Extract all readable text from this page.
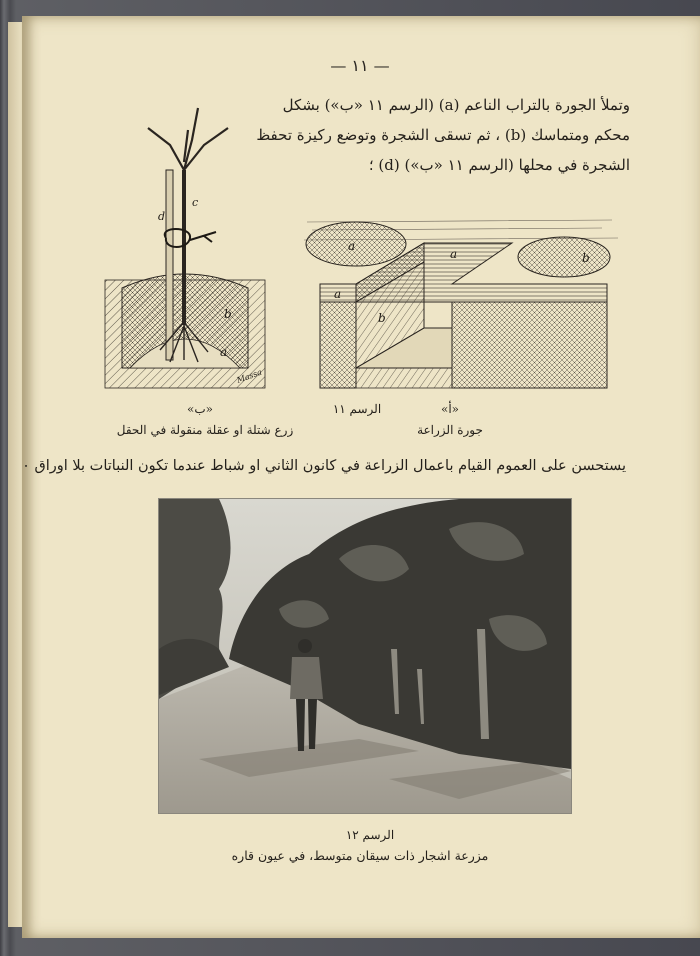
— ١١ —

وتملأ الجورة بالتراب الناعم (a) (الرسم ١١ «ب») بشكل

محكم ومتماسك (b) ، ثم تسقى الشجرة وتوضع ركيزة تحفظ

الشجرة في محلها (الرسم ١١ «ب») (d) ؛

d
c
b
a
Massa
a
a
a
b
b
«ب»
زرع شتلة او عقلة منقولة في الحقل
الرسم ١١	«أ»
جورة الزراعة
يستحسن على العموم القيام باعمال الزراعة في كانون الثاني او شباط عندما تكون النباتات بلا اوراق ٠
الرسم ١٢
مزرعة اشجار ذات سيقان متوسط، في عيون قاره
